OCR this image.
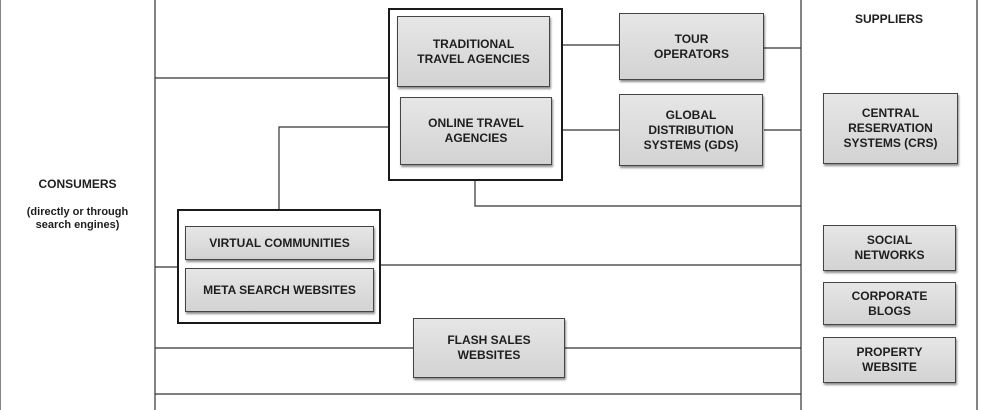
CONSUMERS
(directly or through
search engines)
SUPPLIERS
CENTRAL
RESERVATION
SYSTEMS (CRS)
SOCIAL
NETWORKS
CORPORATE
BLOGS
PROPERTY
WEBSITE
TRADITIONAL
TRAVEL AGENCIES
ONLINE TRAVEL
AGENCIES
TOUR
OPERATORS
GLOBAL
DISTRIBUTION
SYSTEMS (GDS)
VIRTUAL COMMUNITIES
META SEARCH WEBSITES
FLASH SALES
WEBSITES
